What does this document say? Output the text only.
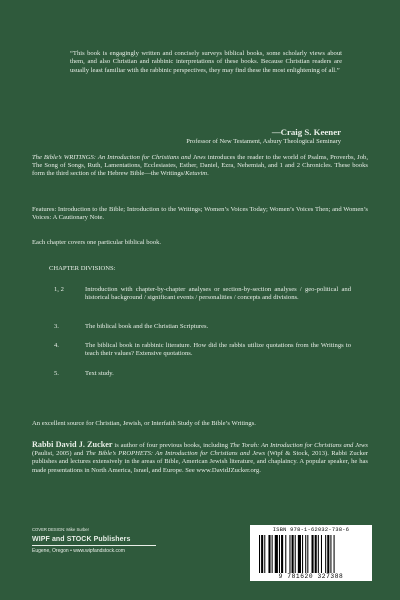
“This book is engagingly written and concisely surveys biblical books, some scholarly views about them, and also Christian and rabbinic interpretations of these books. Because Christian readers are usually least familiar with the rabbinic perspectives, they may find these the most enlightening of all.”
—Craig S. Keener
Professor of New Testament, Asbury Theological Seminary
The Bible’s WRITINGS: An Introduction for Christians and Jews introduces the reader to the world of Psalms, Proverbs, Job, The Song of Songs, Ruth, Lamentations, Ecclesiastes, Esther, Daniel, Ezra, Nehemiah, and 1 and 2 Chronicles. These books form the third section of the Hebrew Bible—the Writings/Ketuvim.
Features: Introduction to the Bible; Introduction to the Writings; Women’s Voices Today; Women’s Voices Then; and Women’s Voices: A Cautionary Note.
Each chapter covers one particular biblical book.
CHAPTER DIVISIONS:
1, 2	Introduction with chapter-by-chapter analyses or section-by-section analyses / geo-political and historical background / significant events / personalities / concepts and divisions.
3.	The biblical book and the Christian Scriptures.
4.	The biblical book in rabbinic literature. How did the rabbis utilize quotations from the Writings to teach their values? Extensive quotations.
5.	Text study.
An excellent source for Christian, Jewish, or Interfaith Study of the Bible’s Writings.
Rabbi David J. Zucker is author of four previous books, including The Torah: An Introduction for Christians and Jews (Paulist, 2005) and The Bible’s PROPHETS: An Introduction for Christians and Jews (Wipf & Stock, 2013). Rabbi Zucker publishes and lectures extensively in the areas of Bible, American Jewish literature, and chaplaincy. A popular speaker, he has made presentations in North America, Israel, and Europe. See www.DavidJZucker.org.
COVER DESIGN: Mike Surber
WIPF and STOCK Publishers
Eugene, Oregon • www.wipfandstock.com
ISBN 978-1-62032-738-6
9 781620 327388
